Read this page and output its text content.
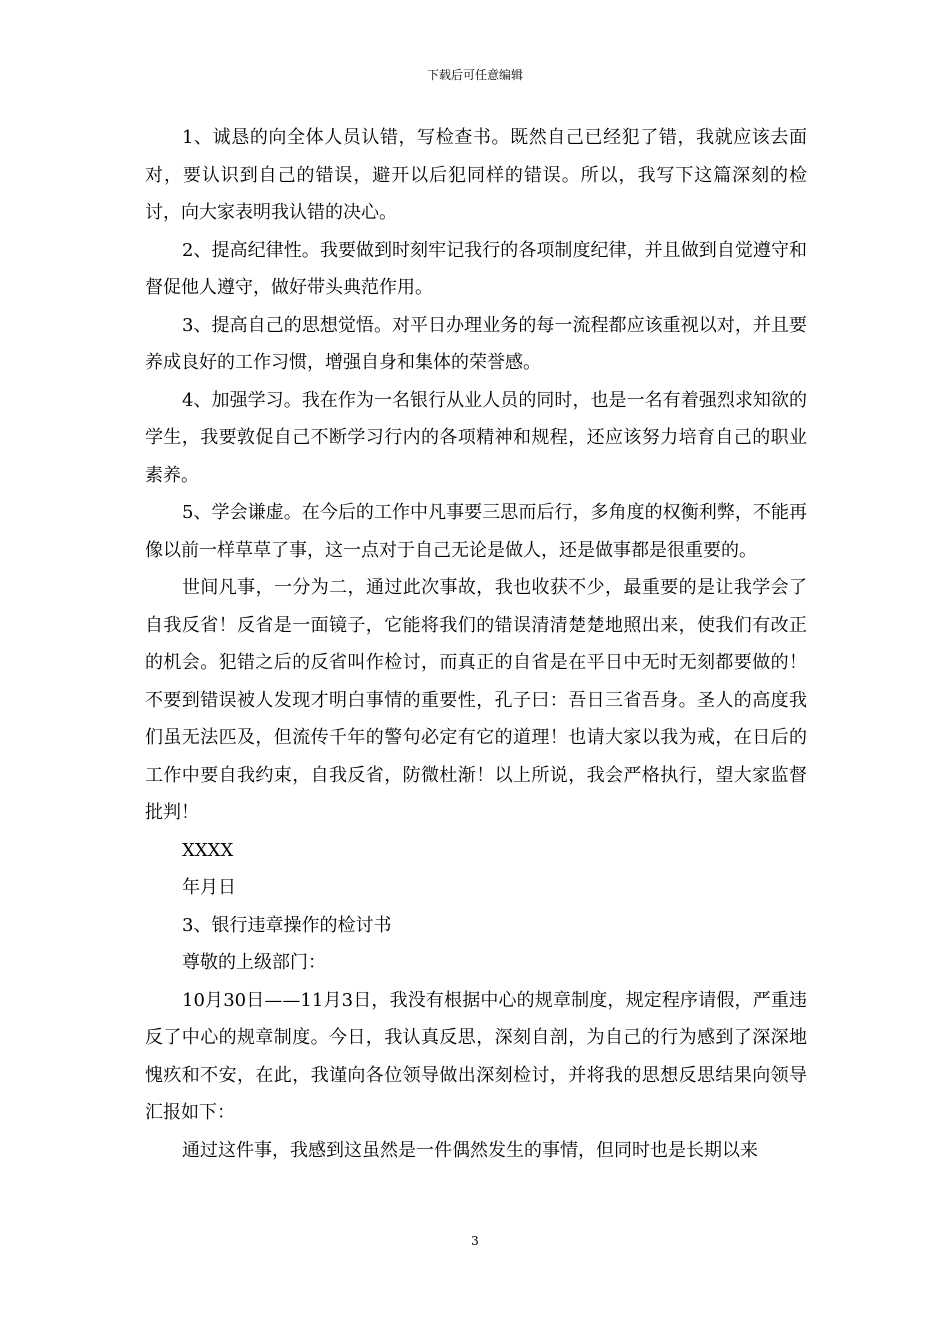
下载后可任意编辑

1、诚恳的向全体人员认错，写检查书。既然自己已经犯了错，我就应该去面对，要认识到自己的错误，避开以后犯同样的错误。所以，我写下这篇深刻的检讨，向大家表明我认错的决心。

2、提高纪律性。我要做到时刻牢记我行的各项制度纪律，并且做到自觉遵守和督促他人遵守，做好带头典范作用。

3、提高自己的思想觉悟。对平日办理业务的每一流程都应该重视以对，并且要养成良好的工作习惯，增强自身和集体的荣誉感。

4、加强学习。我在作为一名银行从业人员的同时，也是一名有着强烈求知欲的学生，我要敦促自己不断学习行内的各项精神和规程，还应该努力培育自己的职业素养。

5、学会谦虚。在今后的工作中凡事要三思而后行，多角度的权衡利弊，不能再像以前一样草草了事，这一点对于自己无论是做人，还是做事都是很重要的。

世间凡事，一分为二，通过此次事故，我也收获不少，最重要的是让我学会了自我反省！反省是一面镜子，它能将我们的错误清清楚楚地照出来，使我们有改正的机会。犯错之后的反省叫作检讨，而真正的自省是在平日中无时无刻都要做的！不要到错误被人发现才明白事情的重要性，孔子曰：吾日三省吾身。圣人的高度我们虽无法匹及，但流传千年的警句必定有它的道理！也请大家以我为戒，在日后的工作中要自我约束，自我反省，防微杜渐！以上所说，我会严格执行，望大家监督批判！

XXXX

年月日

3、银行违章操作的检讨书

尊敬的上级部门：

10月30日——11月3日，我没有根据中心的规章制度，规定程序请假，严重违反了中心的规章制度。今日，我认真反思，深刻自剖，为自己的行为感到了深深地愧疚和不安，在此，我谨向各位领导做出深刻检讨，并将我的思想反思结果向领导汇报如下：

通过这件事，我感到这虽然是一件偶然发生的事情，但同时也是长期以来

3
